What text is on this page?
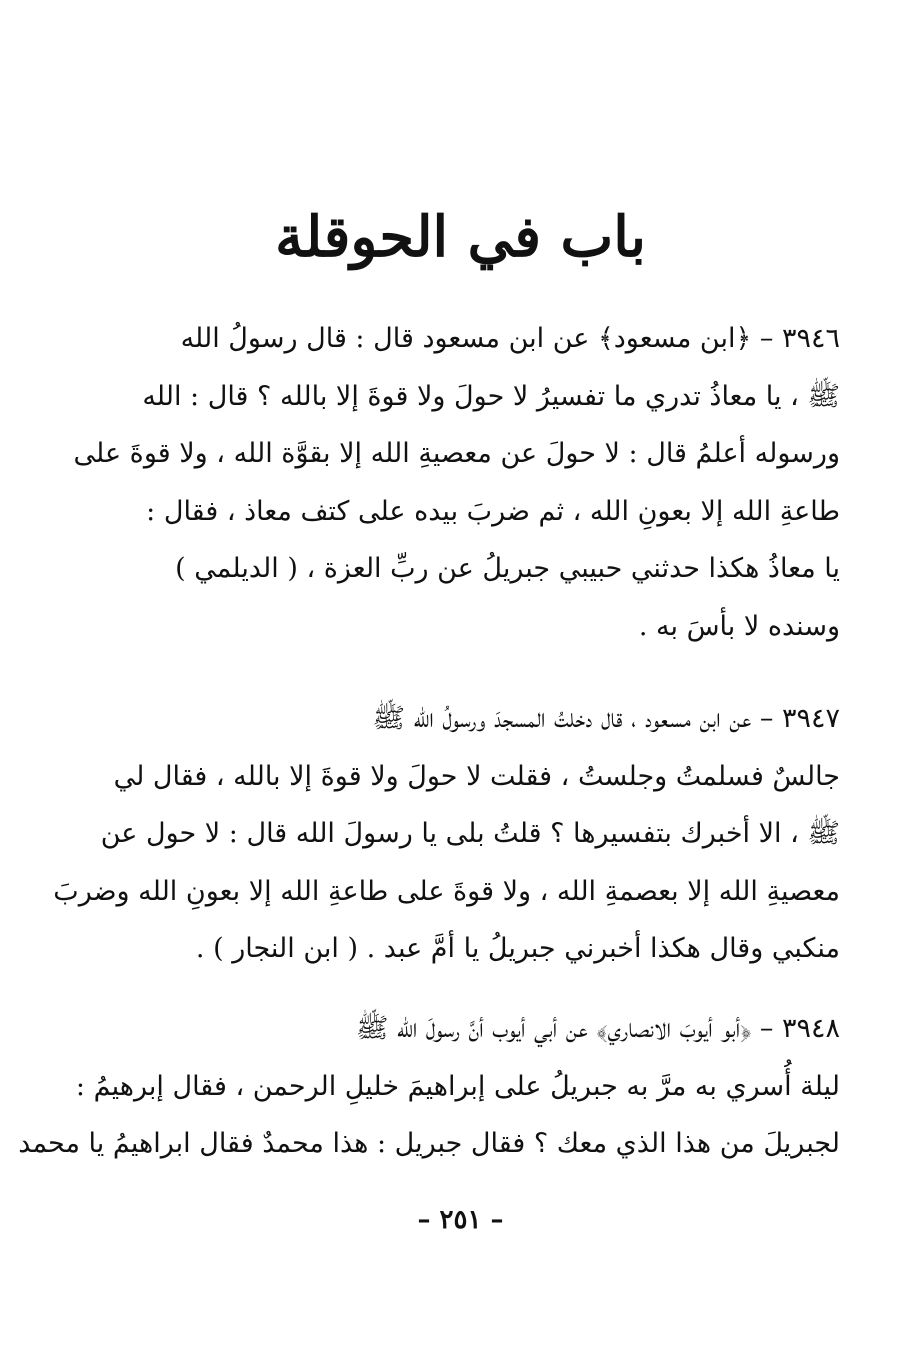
باب في الحوقلة
٣٩٤٦ – ﴿ابن مسعود﴾ عن ابن مسعود قال : قال رسولُ الله
ﷺ ، يا معاذُ تدري ما تفسيرُ لا حولَ ولا قوةَ إلا بالله ؟ قال : الله
ورسوله أعلمُ قال : لا حولَ عن معصيةِ الله إلا بقوَّة الله ، ولا قوةَ على
طاعةِ الله إلا بعونِ الله ، ثم ضربَ بيده على كتف معاذ ، فقال :
يا معاذُ هكذا حدثني حبيبي جبريلُ عن ربِّ العزة ، ( الديلمي )
وسنده لا بأسَ به .
٣٩٤٧ – عن ابن مسعود ، قال دخلتُ المسجدَ ورسولُ الله ﷺ
جالسٌ فسلمتُ وجلستُ ، فقلت لا حولَ ولا قوةَ إلا بالله ، فقال لي
ﷺ ، الا أخبرك بتفسيرها ؟ قلتُ بلى يا رسولَ الله قال : لا حول عن
معصيةِ الله إلا بعصمةِ الله ، ولا قوةَ على طاعةِ الله إلا بعونِ الله وضربَ
منكبي وقال هكذا أخبرني جبريلُ يا أمَّ عبد . ( ابن النجار ) .
٣٩٤٨ – ﴿أبو أيوبَ الانصاري﴾ عن أبي أيوب أنَّ رسولَ الله ﷺ
ليلة أُسري به مرَّ به جبريلُ على إبراهيمَ خليلِ الرحمن ، فقال إبرهيمُ :
لجبريلَ من هذا الذي معك ؟ فقال جبريل : هذا محمدٌ فقال ابراهيمُ يا محمد
– ٢٥١ –
